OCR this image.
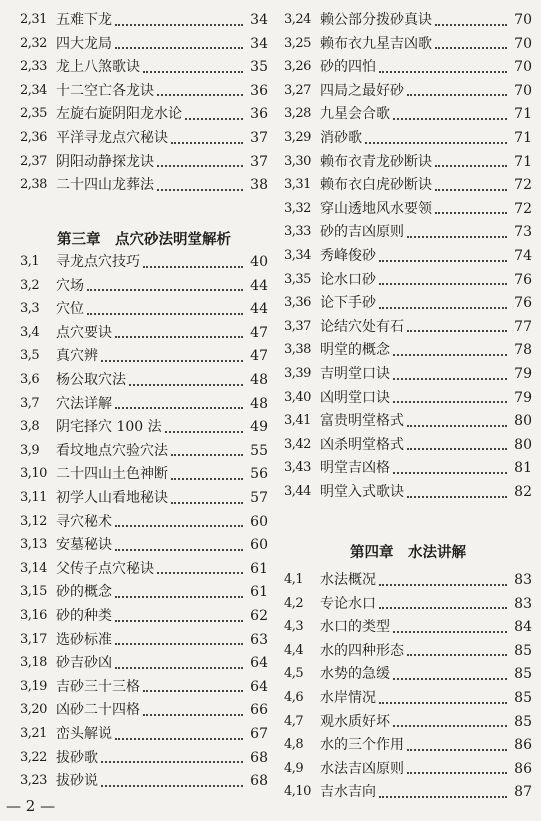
2,31 五难下龙	34
2,32 四大龙局	34
2,33 龙上八煞歌诀	35
2,34 十二空亡各龙诀	36
2,35 左旋右旋阴阳龙水论	36
2,36 平洋寻龙点穴秘诀	37
2,37 阴阳动静探龙诀	37
2,38 二十四山龙葬法	38
第三章　点穴砂法明堂解析
3,1	寻龙点穴技巧	40
3,2	穴场	44
3,3	穴位	44
3,4	点穴要诀	47
3,5	真穴辨	47
3,6	杨公取穴法	48
3,7	穴法详解	48
3,8	阴宅择穴 100 法	49
3,9	看坟地点穴验穴法	55
3,10 二十四山土色神断	56
3,11 初学人山看地秘诀	57
3,12 寻穴秘术	60
3,13 安墓秘诀	60
3,14 父传子点穴秘诀	61
3,15 砂的概念	61
3,16 砂的种类	62
3,17 选砂标准	63
3,18 砂吉砂凶	64
3,19 吉砂三十三格	64
3,20 凶砂二十四格	66
3,21 峦头解说	67
3,22 拔砂歌	68
3,23 拔砂说	68
3,24 赖公部分拨砂真诀	70
3,25 赖布衣九星吉凶歌	70
3,26 砂的四怕	70
3,27 四局之最好砂	70
3,28 九星会合歌	71
3,29 消砂歌	71
3,30 赖布衣青龙砂断诀	71
3,31 赖布衣白虎砂断诀	72
3,32 穿山透地风水要领	72
3,33 砂的吉凶原则	73
3,34 秀峰俊砂	74
3,35 论水口砂	76
3,36 论下手砂	76
3,37 论结穴处有石	77
3,38 明堂的概念	78
3,39 吉明堂口诀	79
3,40 凶明堂口诀	79
3,41 富贵明堂格式	80
3,42 凶杀明堂格式	80
3,43 明堂吉凶格	81
3,44 明堂入式歌诀	82
第四章　水法讲解
4,1	水法概况	83
4,2	专论水口	83
4,3	水口的类型	84
4,4	水的四种形态	85
4,5	水势的急缓	85
4,6	水岸情况	85
4,7	观水质好坏	85
4,8	水的三个作用	86
4,9	水法吉凶原则	86
4,10 吉水吉向	87
— 2 —
